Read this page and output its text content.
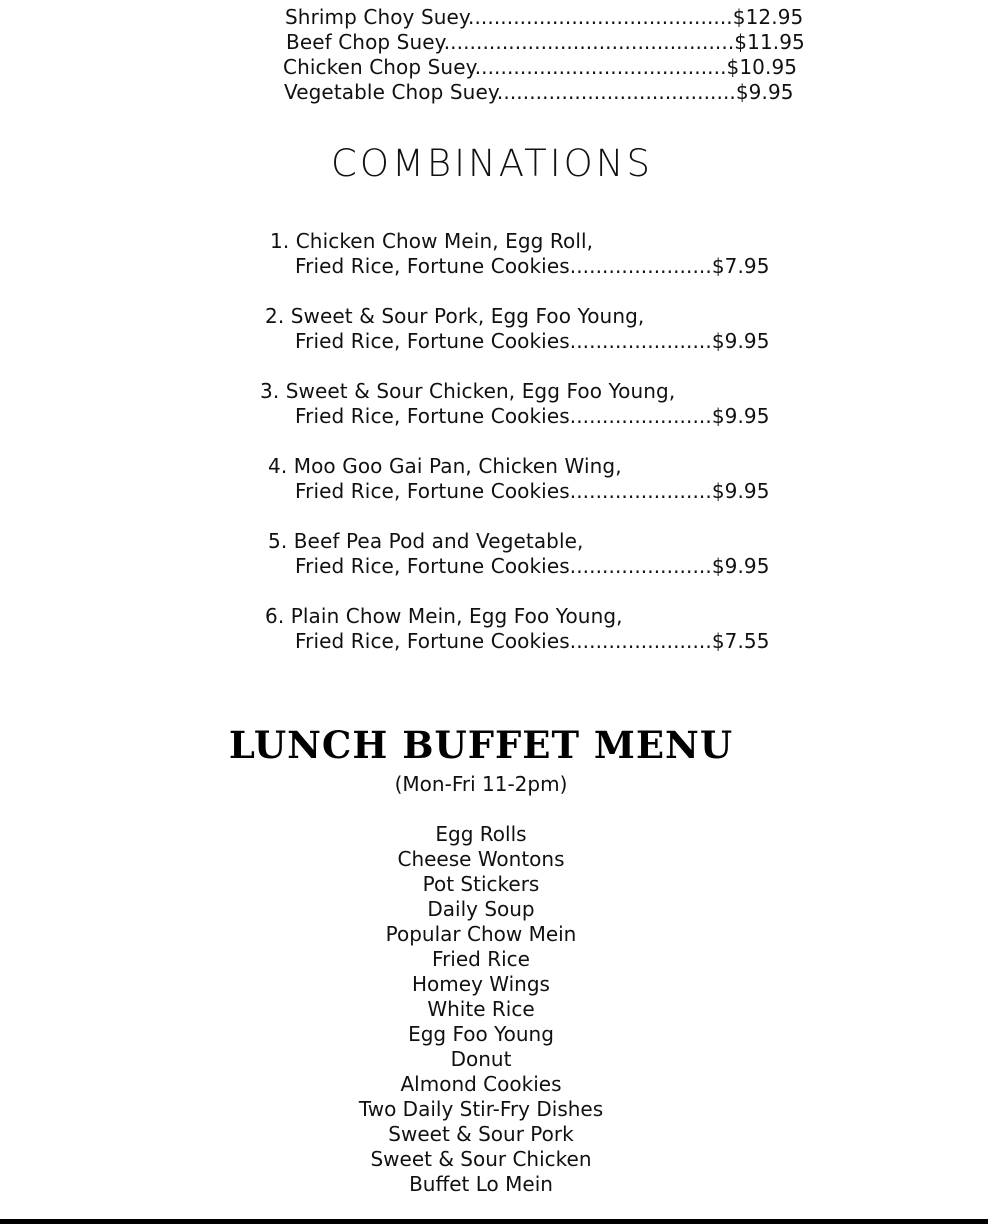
Shrimp Choy Suey.........................................$12.95
Beef Chop Suey.............................................$11.95
Chicken Chop Suey.......................................$10.95
Vegetable Chop Suey.....................................$9.95
COMBINATIONS
1. Chicken Chow Mein, Egg Roll,
Fried Rice, Fortune Cookies......................$7.95
2. Sweet & Sour Pork, Egg Foo Young,
Fried Rice, Fortune Cookies......................$9.95
3. Sweet & Sour Chicken, Egg Foo Young,
Fried Rice, Fortune Cookies......................$9.95
4. Moo Goo Gai Pan, Chicken Wing,
Fried Rice, Fortune Cookies......................$9.95
5. Beef Pea Pod and Vegetable,
Fried Rice, Fortune Cookies......................$9.95
6. Plain Chow Mein, Egg Foo Young,
Fried Rice, Fortune Cookies......................$7.55
LUNCH BUFFET MENU
(Mon-Fri 11-2pm)
Egg Rolls
Cheese Wontons
Pot Stickers
Daily Soup
Popular Chow Mein
Fried Rice
Homey Wings
White Rice
Egg Foo Young
Donut
Almond Cookies
Two Daily Stir-Fry Dishes
Sweet & Sour Pork
Sweet & Sour Chicken
Buffet Lo Mein
